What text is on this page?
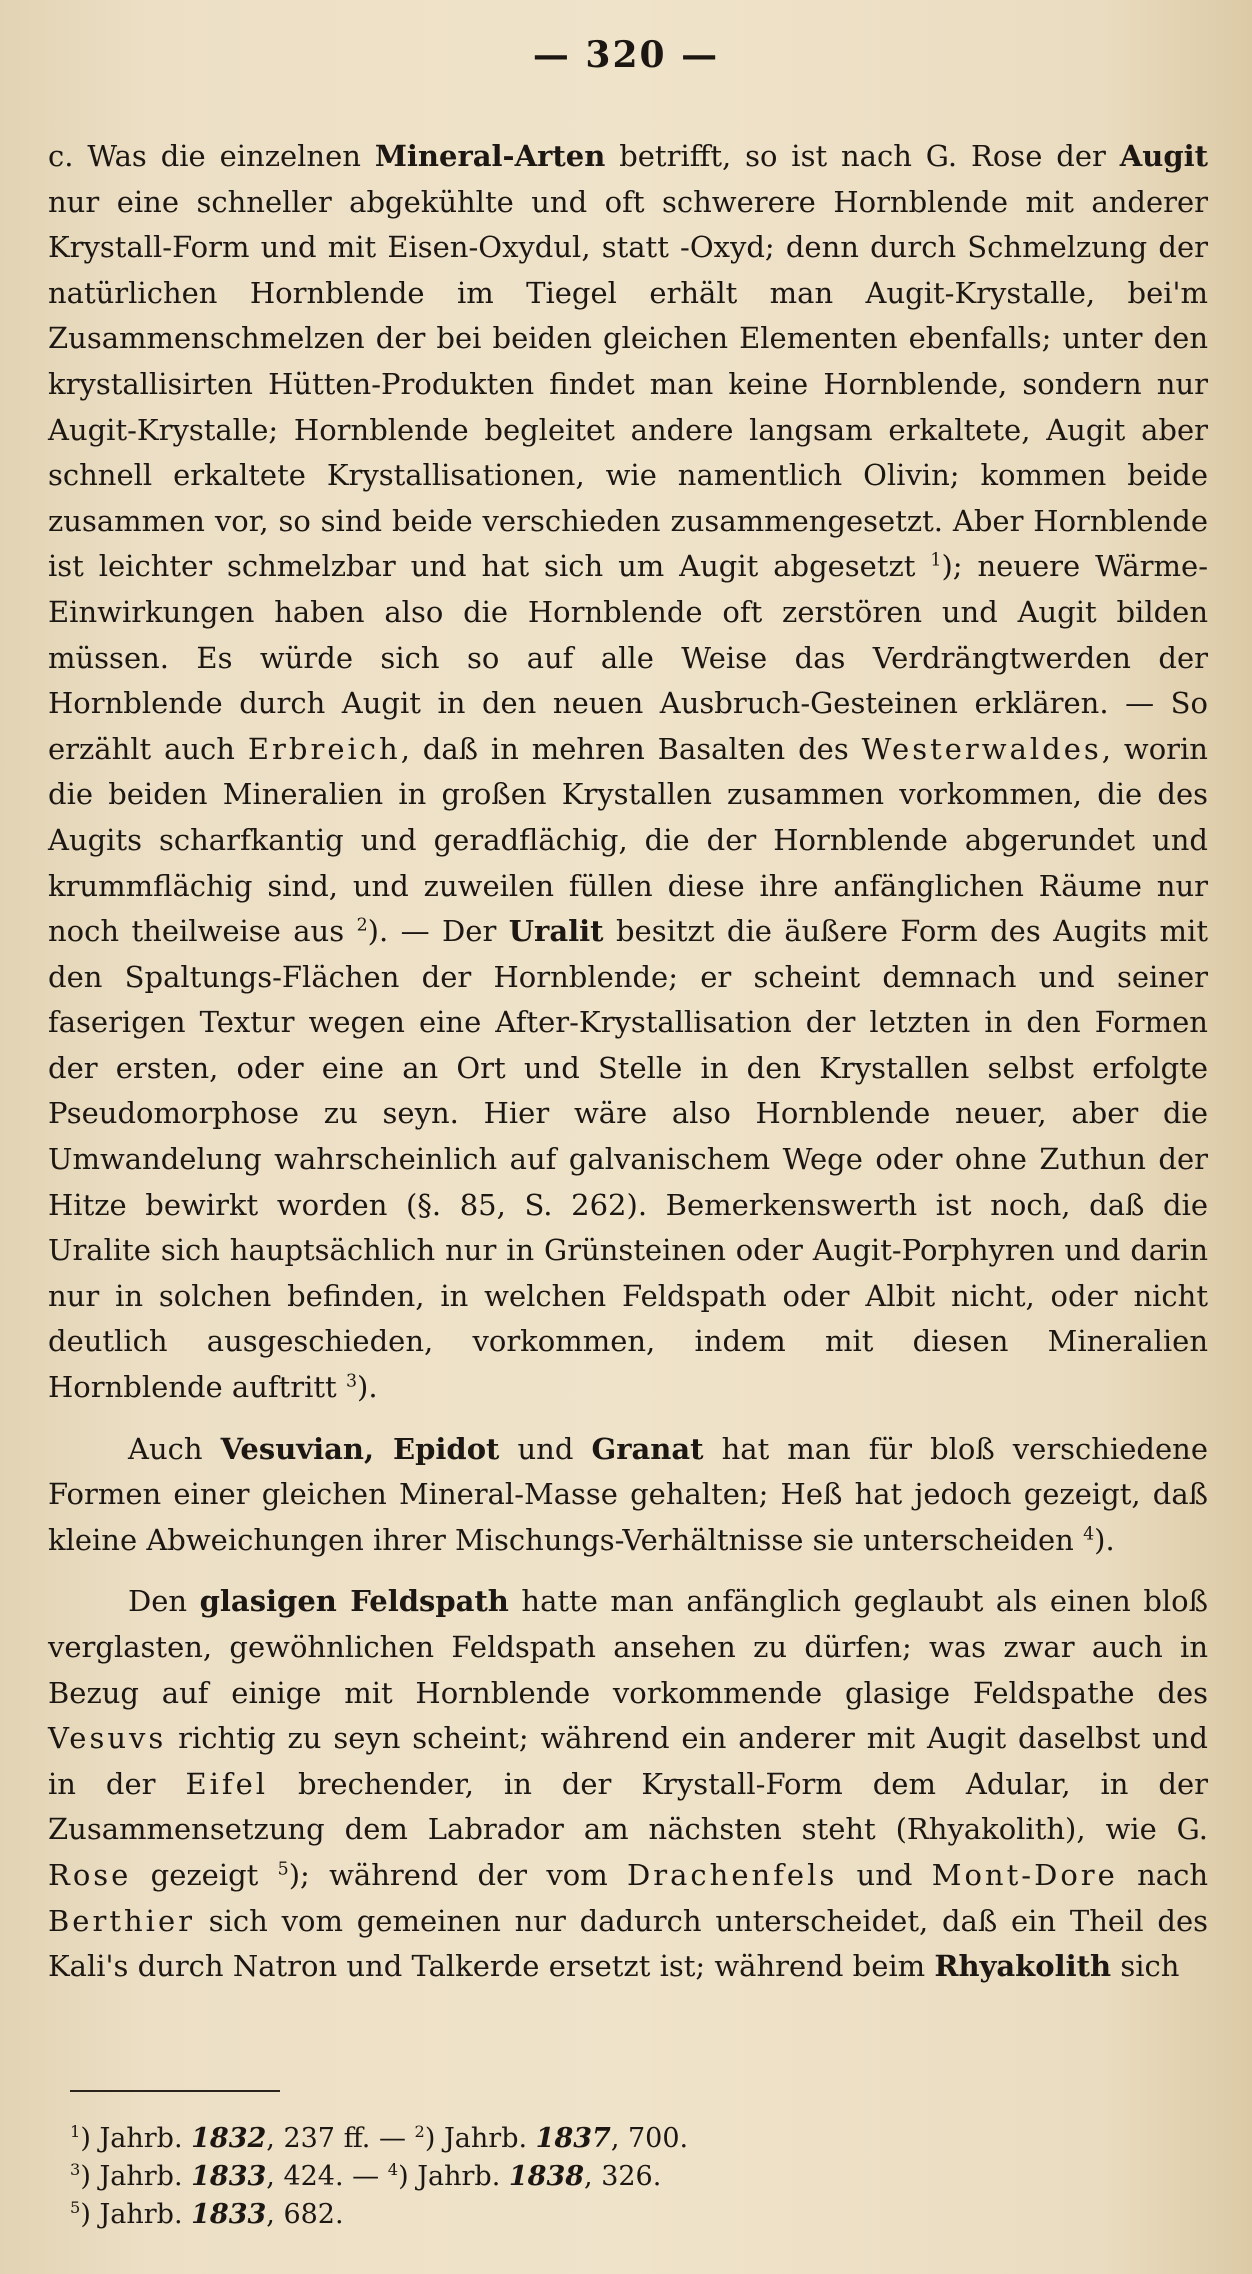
— 320 —

c. Was die einzelnen Mineral-Arten betrifft, so ist nach G. Rose der Augit nur eine schneller abgekühlte und oft schwerere Hornblende mit anderer Krystall-Form und mit Eisen-Oxydul, statt -Oxyd; denn durch Schmelzung der natürlichen Hornblende im Tiegel erhält man Augit-Krystalle, bei'm Zusammenschmelzen der bei beiden gleichen Elementen ebenfalls; unter den krystallisirten Hütten-Produkten findet man keine Hornblende, sondern nur Augit-Krystalle; Hornblende begleitet andere langsam erkaltete, Augit aber schnell erkaltete Krystallisationen, wie namentlich Olivin; kommen beide zusammen vor, so sind beide verschieden zusammengesetzt. Aber Hornblende ist leichter schmelzbar und hat sich um Augit abgesetzt $^1$); neuere Wärme-Einwirkungen haben also die Hornblende oft zerstören und Augit bilden müssen. Es würde sich so auf alle Weise das Verdrängtwerden der Hornblende durch Augit in den neuen Ausbruch-Gesteinen erklären. — So erzählt auch Erbreich, daß in mehren Basalten des Westerwaldes, worin die beiden Mineralien in großen Krystallen zusammen vorkommen, die des Augits scharfkantig und geradflächig, die der Hornblende abgerundet und krummflächig sind, und zuweilen füllen diese ihre anfänglichen Räume nur noch theilweise aus $^2$). — Der Uralit besitzt die äußere Form des Augits mit den Spaltungs-Flächen der Hornblende; er scheint demnach und seiner faserigen Textur wegen eine After-Krystallisation der letzten in den Formen der ersten, oder eine an Ort und Stelle in den Krystallen selbst erfolgte Pseudomorphose zu seyn. Hier wäre also Hornblende neuer, aber die Umwandelung wahrscheinlich auf galvanischem Wege oder ohne Zuthun der Hitze bewirkt worden (§. 85, S. 262). Bemerkenswerth ist noch, daß die Uralite sich hauptsächlich nur in Grünsteinen oder Augit-Porphyren und darin nur in solchen befinden, in welchen Feldspath oder Albit nicht, oder nicht deutlich ausgeschieden, vorkommen, indem mit diesen Mineralien Hornblende auftritt $^3$).

Auch Vesuvian, Epidot und Granat hat man für bloß verschiedene Formen einer gleichen Mineral-Masse gehalten; Heß hat jedoch gezeigt, daß kleine Abweichungen ihrer Mischungs-Verhältnisse sie unterscheiden $^4$).

Den glasigen Feldspath hatte man anfänglich geglaubt als einen bloß verglasten, gewöhnlichen Feldspath ansehen zu dürfen; was zwar auch in Bezug auf einige mit Hornblende vorkommende glasige Feldspathe des Vesuvs richtig zu seyn scheint; während ein anderer mit Augit daselbst und in der Eifel brechender, in der Krystall-Form dem Adular, in der Zusammensetzung dem Labrador am nächsten steht (Rhyakolith), wie G. Rose gezeigt $^5$); während der vom Drachenfels und Mont-Dore nach Berthier sich vom gemeinen nur dadurch unterscheidet, daß ein Theil des Kali's durch Natron und Talkerde ersetzt ist; während beim Rhyakolith sich

$^1$) Jahrb. 1832, 237 ff. — $^2$) Jahrb. 1837, 700.
$^3$) Jahrb. 1833, 424. — $^4$) Jahrb. 1838, 326.
$^5$) Jahrb. 1833, 682.
